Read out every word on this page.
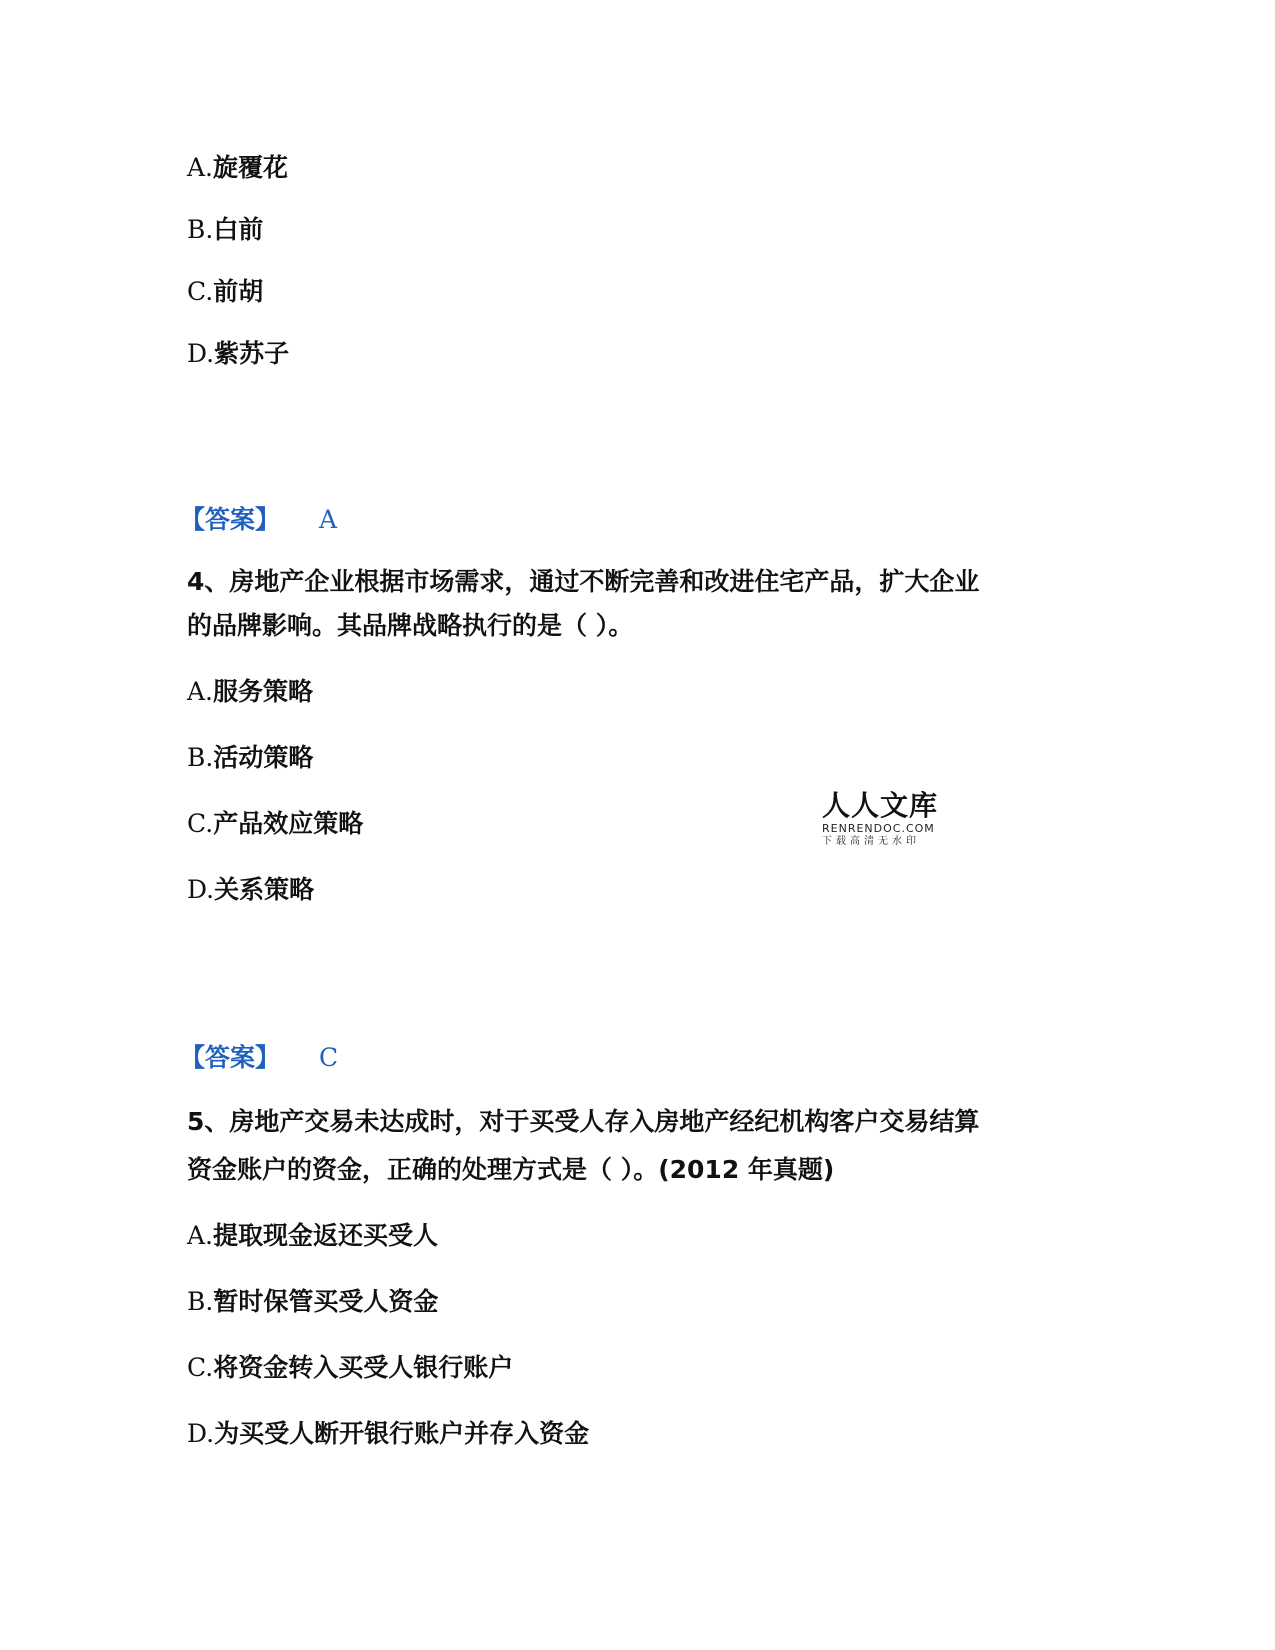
A.旋覆花
B.白前
C.前胡
D.紫苏子
【答案】 A
4、房地产企业根据市场需求，通过不断完善和改进住宅产品，扩大企业
的品牌影响。其品牌战略执行的是（ ）。
A.服务策略
B.活动策略
C.产品效应策略
D.关系策略
人人文库
RENRENDOC.COM
下载高清无水印
【答案】 C
5、房地产交易未达成时，对于买受人存入房地产经纪机构客户交易结算
资金账户的资金，正确的处理方式是（ ）。(2012 年真题)
A.提取现金返还买受人
B.暂时保管买受人资金
C.将资金转入买受人银行账户
D.为买受人断开银行账户并存入资金
